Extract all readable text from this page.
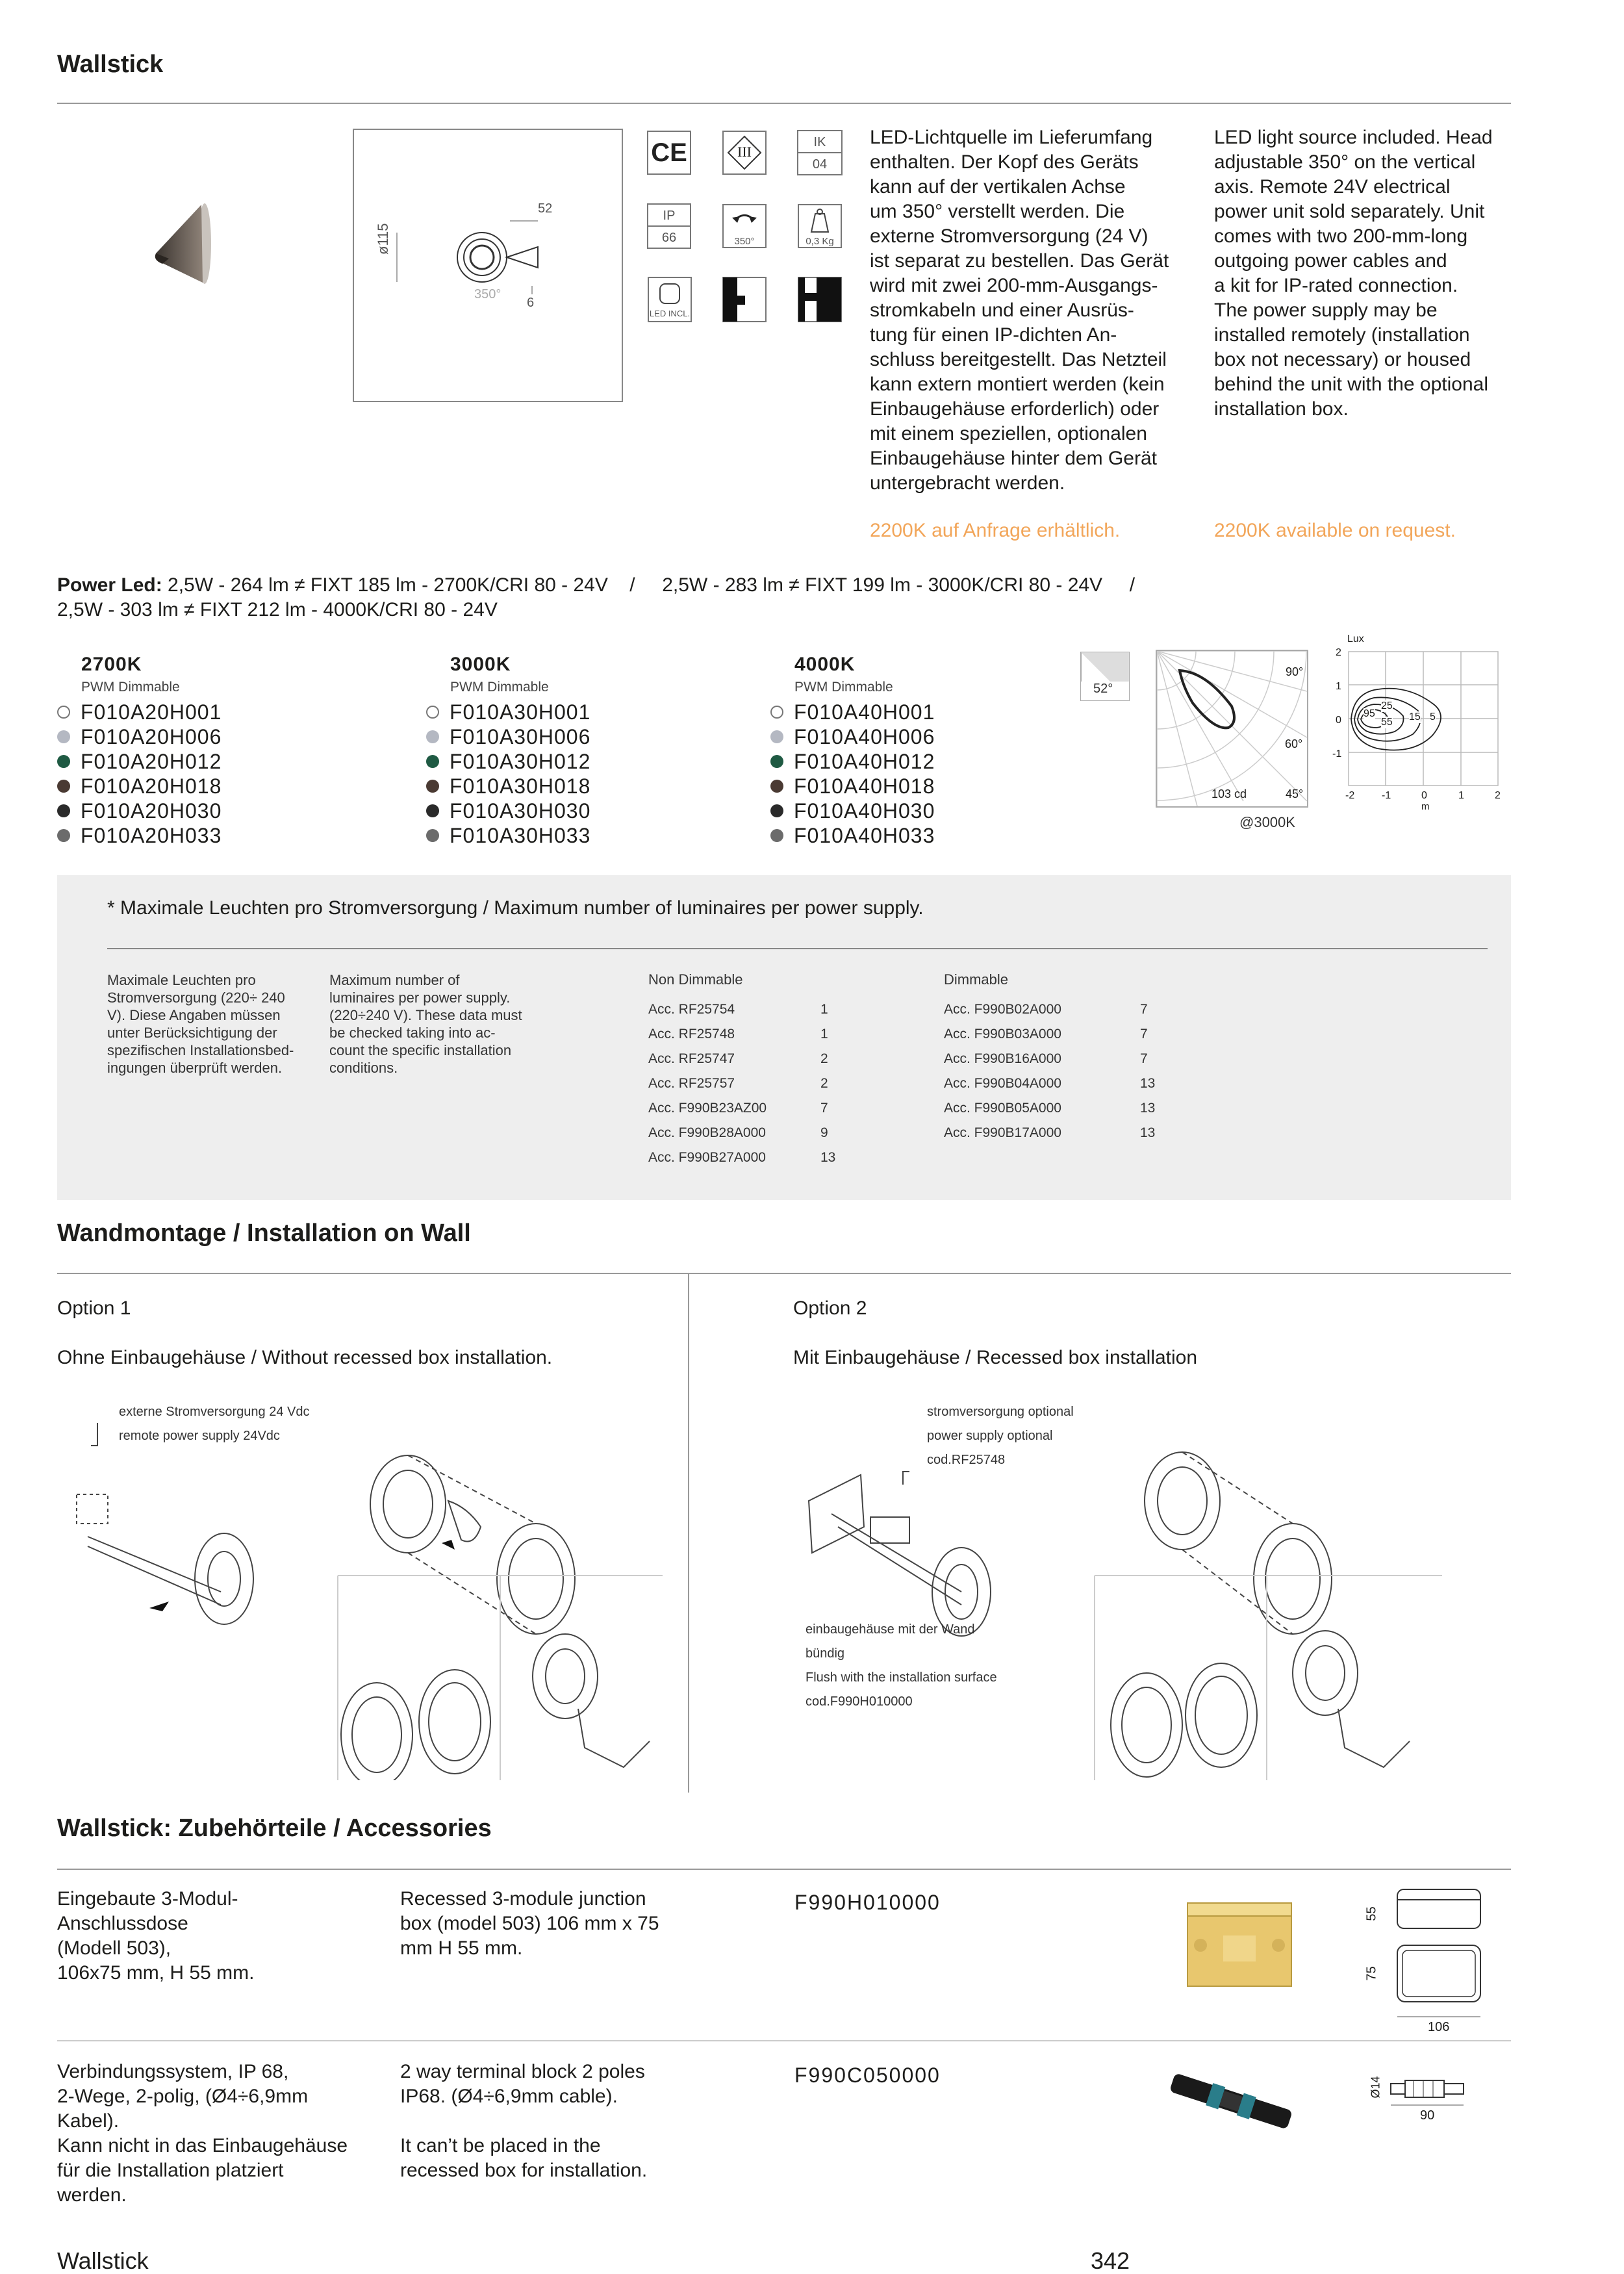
Wallstick
ø115
52
6
350°
CE	III
IK
04
IP
66	350°	0,3 Kg
LED INCL.
LED-Lichtquelle im Lieferumfang
enthalten. Der Kopf des Geräts
kann auf der vertikalen Achse
um 350° verstellt werden. Die
externe Stromversorgung (24 V)
ist separat zu bestellen. Das Gerät
wird mit zwei 200-mm-Ausgangs-
stromkabeln und einer Ausrüs-
tung für einen IP-dichten An-
schluss bereitgestellt. Das Netzteil
kann extern montiert werden (kein
Einbaugehäuse erforderlich) oder
mit einem speziellen, optionalen
Einbaugehäuse hinter dem Gerät
untergebracht werden.
LED light source included. Head
adjustable 350° on the vertical
axis. Remote 24V electrical
power unit sold separately. Unit
comes with two 200-mm-long
outgoing power cables and
a kit for IP-rated connection.
The power supply may be
installed remotely (installation
box not necessary) or housed
behind the unit with the optional
installation box.
2200K auf Anfrage erhältlich.	2200K available on request.
Power Led: 2,5W - 264 lm ≠ FIXT 185 lm - 2700K/CRI 80 - 24V    /     2,5W - 283 lm ≠ FIXT 199 lm - 3000K/CRI 80 - 24V     /
2,5W - 303 lm ≠ FIXT 212 lm - 4000K/CRI 80 - 24V
2700K
PWM Dimmable
3000K
PWM Dimmable
4000K
PWM Dimmable
F010A20H001
F010A20H006
F010A20H012
F010A20H018
F010A20H030
F010A20H033
F010A30H001
F010A30H006
F010A30H012
F010A30H018
F010A30H030
F010A30H033
F010A40H001
F010A40H006
F010A40H012
F010A40H018
F010A40H030
F010A40H033
52°
90°
60°
45°
103 cd
@3000K
Lux
2
1
0
-1
95
25
55 15 5
-2	-1	0	1	2
m
* Maximale Leuchten pro Stromversorgung / Maximum number of luminaires per power supply.
Maximale Leuchten pro
Stromversorgung (220÷ 240
V). Diese Angaben müssen
unter Berücksichtigung der
spezifischen Installationsbed-
ingungen überprüft werden.
Maximum number of
luminaires per power supply.
(220÷240 V). These data must
be checked taking into ac-
count the specific installation
conditions.
Non Dimmable
Acc. RF25754	1
Acc. RF25748	1
Acc. RF25747	2
Acc. RF25757	2
Acc. F990B23AZ00	7
Acc. F990B28A000	9
Acc. F990B27A000	13
Dimmable
Acc. F990B02A000	7
Acc. F990B03A000	7
Acc. F990B16A000	7
Acc. F990B04A000	13
Acc. F990B05A000	13
Acc. F990B17A000	13
Wandmontage / Installation on Wall
Option 1
Ohne Einbaugehäuse / Without recessed box installation.
externe Stromversorgung 24 Vdc
remote power supply 24Vdc
Option 2
Mit Einbaugehäuse / Recessed box installation
stromversorgung optional
power supply optional
cod.RF25748
einbaugehäuse mit der Wand
bündig
Flush with the installation surface
cod.F990H010000
Wallstick: Zubehörteile / Accessories
Eingebaute 3-Modul-
Anschlussdose
(Modell 503),
106x75 mm, H 55 mm.
Recessed 3-module junction
box (model 503) 106 mm x 75
mm H 55 mm.
F990H010000	55
75
106
Verbindungssystem, IP 68,
2-Wege, 2-polig, (Ø4÷6,9mm
Kabel).
Kann nicht in das Einbaugehäuse
für die Installation platziert
werden.
2 way terminal block 2 poles
IP68. (Ø4÷6,9mm cable).
It can’t be placed in the
recessed box for installation.
F990C050000
Ø14
90
Wallstick	342
